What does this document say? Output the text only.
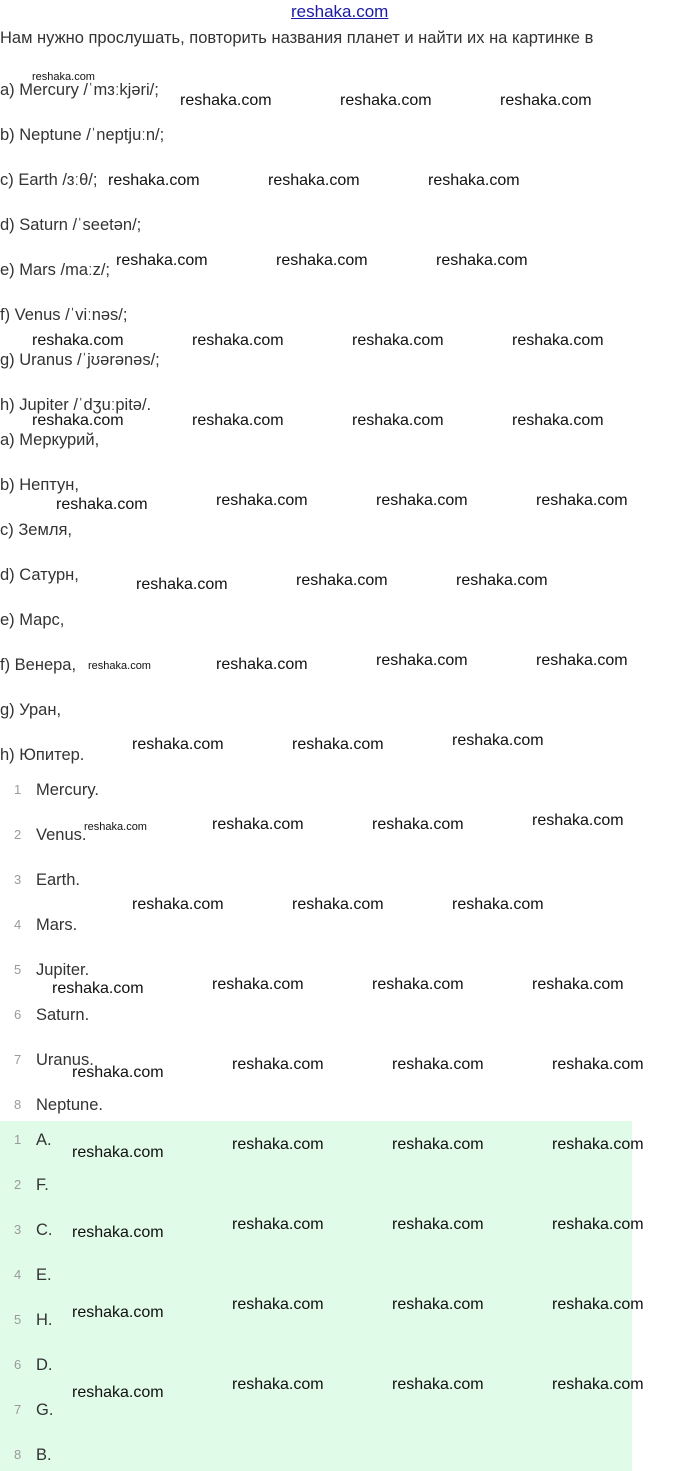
reshaka.com
Нам нужно прослушать, повторить названия планет и найти их на картинке в
a) Mercury /ˈmɜːkjəri/;
b) Neptune /ˈneptjuːn/;
c) Earth /ɜːθ/;
d) Saturn /ˈseetən/;
e) Mars /maːz/;
f) Venus /ˈviːnəs/;
g) Uranus /ˈjʊərənəs/;
h) Jupiter /ˈdʒuːpitə/.
a) Меркурий,
b) Нептун,
c) Земля,
d) Сатурн,
e) Марс,
f) Венера,
g) Уран,
h) Юпитер.
1 Mercury.
2 Venus.
3 Earth.
4 Mars.
5 Jupiter.
6 Saturn.
7 Uranus.
8 Neptune.
1 A.
2 F.
3 C.
4 E.
5 H.
6 D.
7 G.
8 B.
reshaka.com
reshaka.com	reshaka.com	reshaka.com
reshaka.com	reshaka.com	reshaka.com
reshaka.com	reshaka.com	reshaka.com
reshaka.com	reshaka.com	reshaka.com	reshaka.com
reshaka.com	reshaka.com	reshaka.com	reshaka.com
reshaka.com	reshaka.com	reshaka.com	reshaka.com
reshaka.com	reshaka.com	reshaka.com
reshaka.com	reshaka.com	reshaka.com	reshaka.com
reshaka.com	reshaka.com	reshaka.com
reshaka.com	reshaka.com	reshaka.com	reshaka.com
reshaka.com	reshaka.com	reshaka.com
reshaka.com	reshaka.com	reshaka.com	reshaka.com
reshaka.com	reshaka.com	reshaka.com	reshaka.com
reshaka.com	reshaka.com	reshaka.com	reshaka.com
reshaka.com	reshaka.com	reshaka.com	reshaka.com
reshaka.com	reshaka.com	reshaka.com	reshaka.com
reshaka.com	reshaka.com	reshaka.com	reshaka.com
